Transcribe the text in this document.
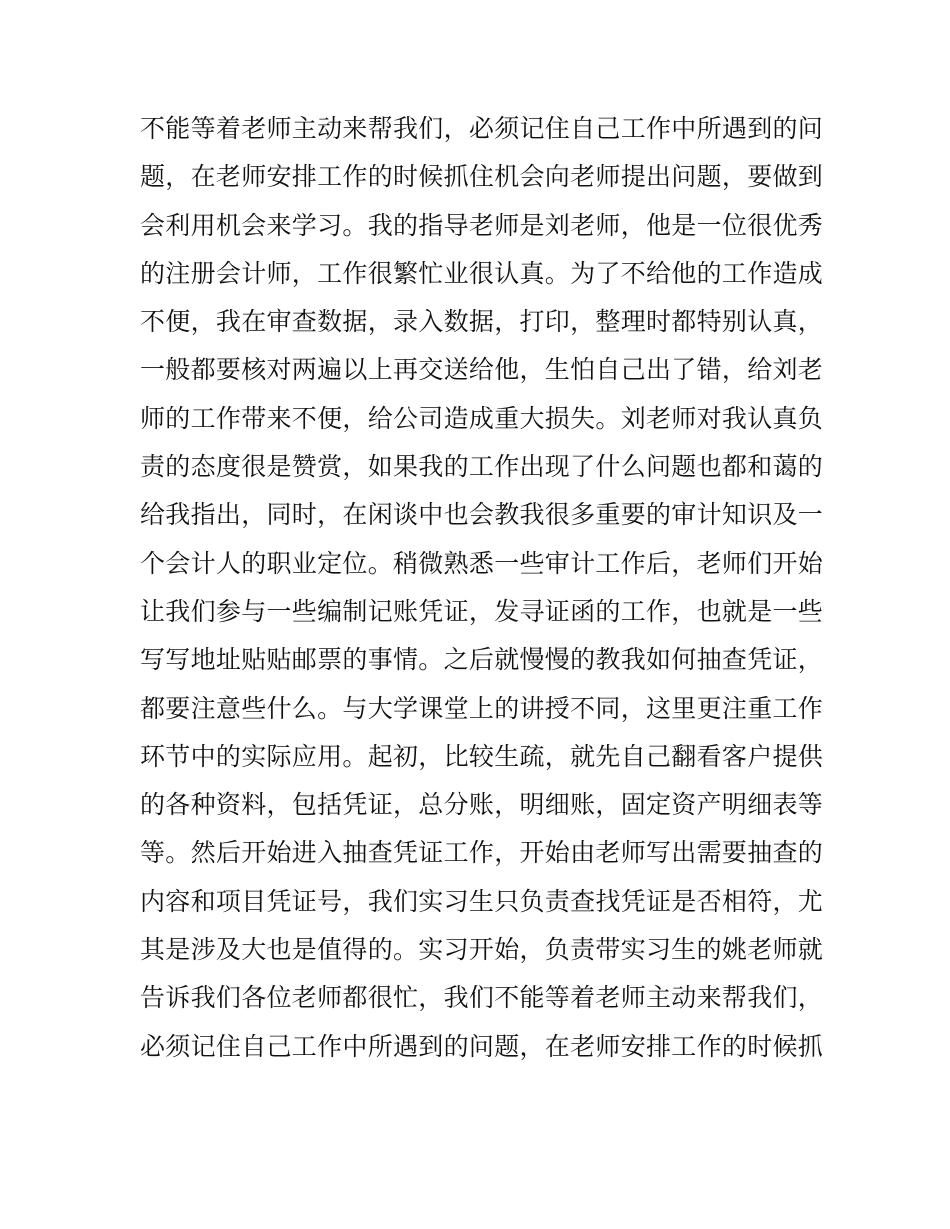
不能等着老师主动来帮我们，必须记住自己工作中所遇到的问
题，在老师安排工作的时候抓住机会向老师提出问题，要做到
会利用机会来学习。我的指导老师是刘老师，他是一位很优秀
的注册会计师，工作很繁忙业很认真。为了不给他的工作造成
不便，我在审查数据，录入数据，打印，整理时都特别认真，
一般都要核对两遍以上再交送给他，生怕自己出了错，给刘老
师的工作带来不便，给公司造成重大损失。刘老师对我认真负
责的态度很是赞赏，如果我的工作出现了什么问题也都和蔼的
给我指出，同时，在闲谈中也会教我很多重要的审计知识及一
个会计人的职业定位。稍微熟悉一些审计工作后，老师们开始
让我们参与一些编制记账凭证，发寻证函的工作，也就是一些
写写地址贴贴邮票的事情。之后就慢慢的教我如何抽查凭证，
都要注意些什么。与大学课堂上的讲授不同，这里更注重工作
环节中的实际应用。起初，比较生疏，就先自己翻看客户提供
的各种资料，包括凭证，总分账，明细账，固定资产明细表等
等。然后开始进入抽查凭证工作，开始由老师写出需要抽查的
内容和项目凭证号，我们实习生只负责查找凭证是否相符，尤
其是涉及大也是值得的。实习开始，负责带实习生的姚老师就
告诉我们各位老师都很忙，我们不能等着老师主动来帮我们，
必须记住自己工作中所遇到的问题，在老师安排工作的时候抓
